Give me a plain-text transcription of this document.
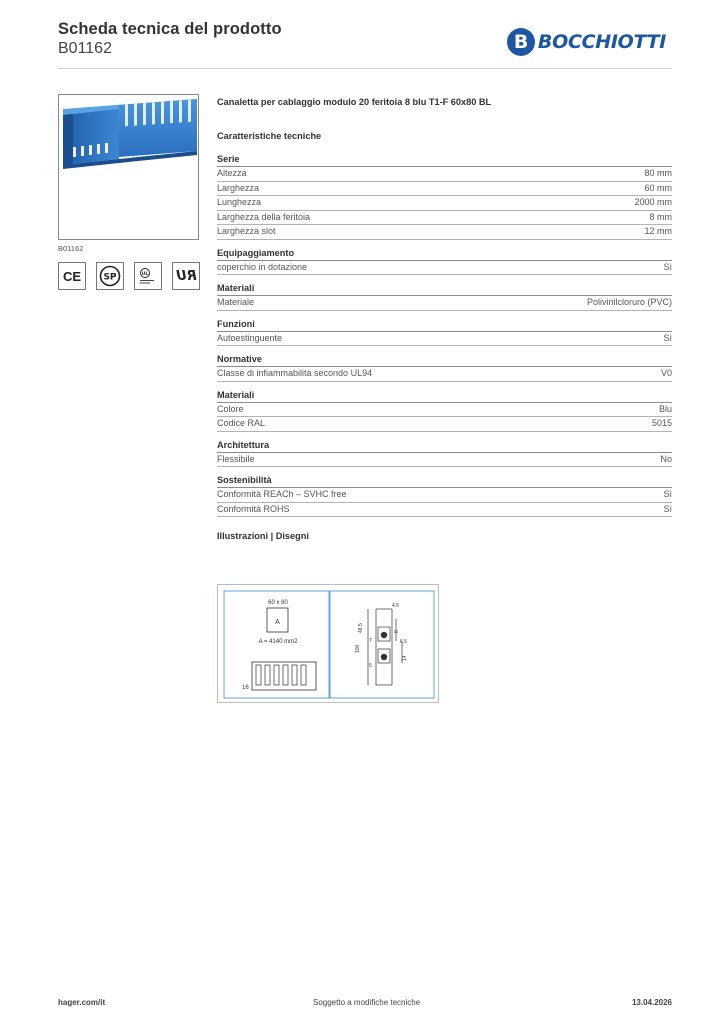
Scheda tecnica del prodotto
B01162	B BOCCHIOTTI
B01162
CE SP	UL RU
Canaletta per cablaggio modulo 20 feritoia 8 blu T1-F 60x80 BL
Caratteristiche tecniche
Serie
Altezza	80 mm
Larghezza	60 mm
Lunghezza	2000 mm
Larghezza della feritoia	8 mm
Larghezza slot	12 mm
Equipaggiamento
coperchio in dotazione	Sì
Materiali
Materiale	Polivinilcloruro (PVC)
Funzioni
Autoestinguente	Sì
Normative
Classe di infiammabilità secondo UL94	V0
Materiali
Colore	Blu
Codice RAL	5015
Architettura
Flessibile	No
Sostenibilità
Conformità REACh – SVHC free	Sì
Conformità ROHS	Sì
Illustrazioni | Disegni
60 x 80
A
A = 4140 mm2
16
4.5
48.5
100
8
6.5
14
7
5
hager.com/it	Soggetto a modifiche tecniche	13.04.2026
